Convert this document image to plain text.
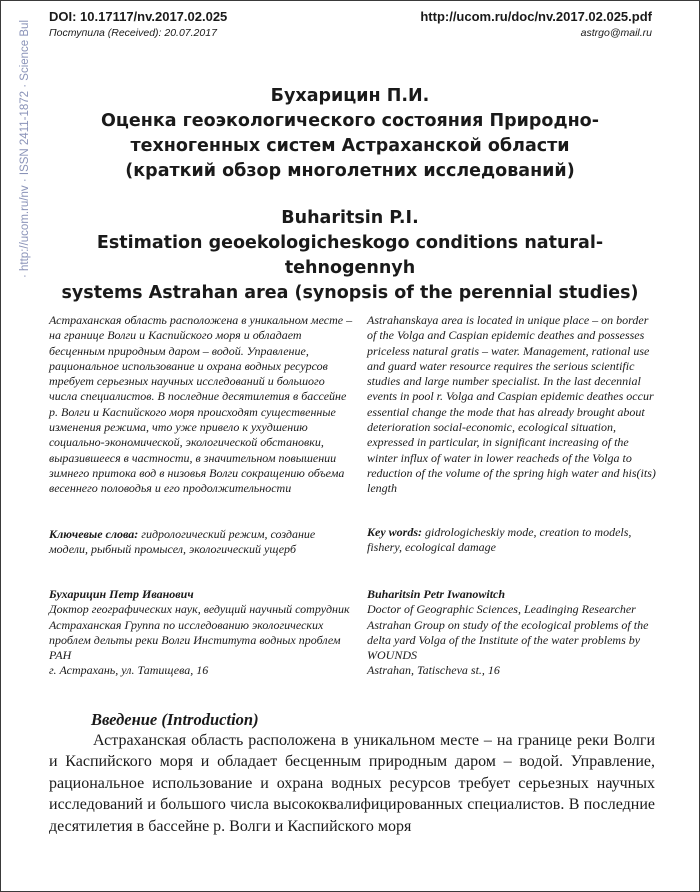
· http://ucom.ru/nv · ISSN 2411-1872 · Science Bul
DOI: 10.17117/nv.2017.02.025	http://ucom.ru/doc/nv.2017.02.025.pdf
Поступила (Received): 20.07.2017	astrgo@mail.ru
Бухарицин П.И.
Оценка геоэкологического состояния Природно-
техногенных систем Астраханской области
(краткий обзор многолетних исследований)
Buharitsin P.I.
Estimation geoekologicheskogo conditions natural-tehnogennyh
systems Astrahan area (synopsis of the perennial studies)
Астраханская область расположена в уникальном месте – на границе Волги и Каспийского моря и обладает бесценным природным даром – водой. Управление, рациональное использование и охрана водных ресурсов требует серьезных научных исследований и большого числа специалистов. В последние десятилетия в бассейне р. Волги и Каспийского моря происходят существенные изменения режима, что уже привело к ухудшению социально-экономической, экологической обстановки, выразившееся в частности, в значительном повышении зимнего притока вод в низовья Волги сокращению объема весеннего половодья и его продолжительности
Astrahanskaya area is located in unique place – on border of the Volga and Caspian epidemic deathes and possesses priceless natural gratis – water. Management, rational use and guard water resource requires the serious scientific studies and large number specialist. In the last decennial events in pool r. Volga and Caspian epidemic deathes occur essential change the mode that has already brought about deterioration social-economic, ecological situation, expressed in particular, in significant increasing of the winter influx of water in lower reacheds of the Volga to reduction of the volume of the spring high water and his(its) length
Ключевые слова: гидрологический режим, создание модели, рыбный промысел, экологический ущерб
Key words: gidrologicheskiy mode, creation to models, fishery, ecological damage

Бухарицин Петр Иванович

Доктор географических наук, ведущий научный сотрудник

Астраханская Группа по исследованию экологических проблем дельты реки Волги Института водных проблем РАН

г. Астрахань, ул. Татищева, 16

Buharitsin Petr Iwanowitch

Doctor of Geographic Sciences, Leadinging Researcher

Astrahan Group on study of the ecological problems of the delta yard Volga of the Institute of the water problems by WOUNDS

Astrahan, Tatischeva st., 16

Введение (Introduction)
Астраханская область расположена в уникальном месте – на границе реки Волги и Каспийского моря и обладает бесценным природным даром – водой. Управление, рациональное использование и охрана водных ресурсов требует серьезных научных исследований и большого числа высококвалифицированных специалистов. В последние десятилетия в бассейне р. Волги и Каспийского моря
